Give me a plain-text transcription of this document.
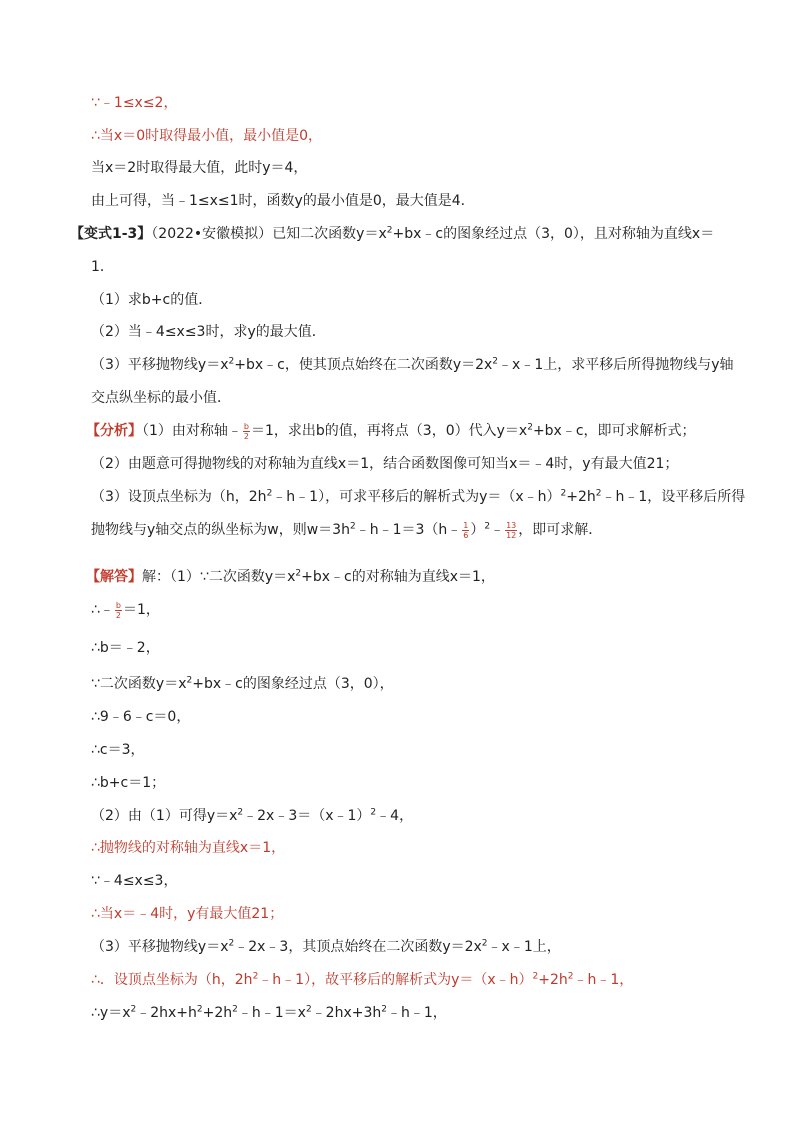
∵﹣1≤x≤2，
∴当x＝0时取得最小值，最小值是0，
当x＝2时取得最大值，此时y＝4，
由上可得，当﹣1≤x≤1时，函数y的最小值是0，最大值是4．
【变式1-3】（2022•安徽模拟）已知二次函数$y=x^2+bx﹣c$的图象经过点（3，0），且对称轴为直线x＝
1．
（1）求b+c的值．
（2）当﹣4≤x≤3时，求y的最大值．
（3）平移抛物线$y=x^2+bx﹣c$，使其顶点始终在二次函数$y=2x^2﹣x﹣1$上，求平移后所得抛物线与y轴
交点纵坐标的最小值．
【分析】（1）由对称轴﹣ $\frac{b}{2} =1$，求出b的值，再将点（3，0）代入$y=x^2+bx﹣c$，即可求解析式；
（2）由题意可得抛物线的对称轴为直线x＝1，结合函数图像可知当x＝﹣4时，y有最大值21；
（3）设顶点坐标为（h，$2h^2﹣h﹣1$），可求平移后的解析式为$y=(x﹣h)^2+2h^2﹣h﹣1$，设平移后所得
抛物线与y轴交点的纵坐标为w，则$w=3h^2﹣h﹣1=3(h﹣ \frac{1}{6}$ ）$^2$﹣ $\frac{13}{12}$ ，即可求解．
【解答】解：（1）∵二次函数$y=x^2+bx﹣c$的对称轴为直线x＝1，
∴﹣ $\frac{b}{2} =1$，
∴b＝﹣2，
∵二次函数$y=x^2+bx﹣c$的图象经过点（3，0），
∴9﹣6﹣c＝0，
∴c＝3，
∴b+c＝1；
（2）由（1）可得$y=x^2﹣2x﹣3=(x﹣1)^2﹣4$，
∴抛物线的对称轴为直线x＝1，
∵﹣4≤x≤3，
∴当x＝﹣4时，y有最大值21；
（3）平移抛物线$y=x^2﹣2x﹣3$，其顶点始终在二次函数$y=2x^2﹣x﹣1$上，
∴．设顶点坐标为（h，$2h^2﹣h﹣1$），故平移后的解析式为$y=(x﹣h)^2+2h^2﹣h﹣1$，
$\therefore y=x^2﹣2hx+h^2+2h^2﹣h﹣1=x^2﹣2hx+3h^2﹣h﹣1$，
